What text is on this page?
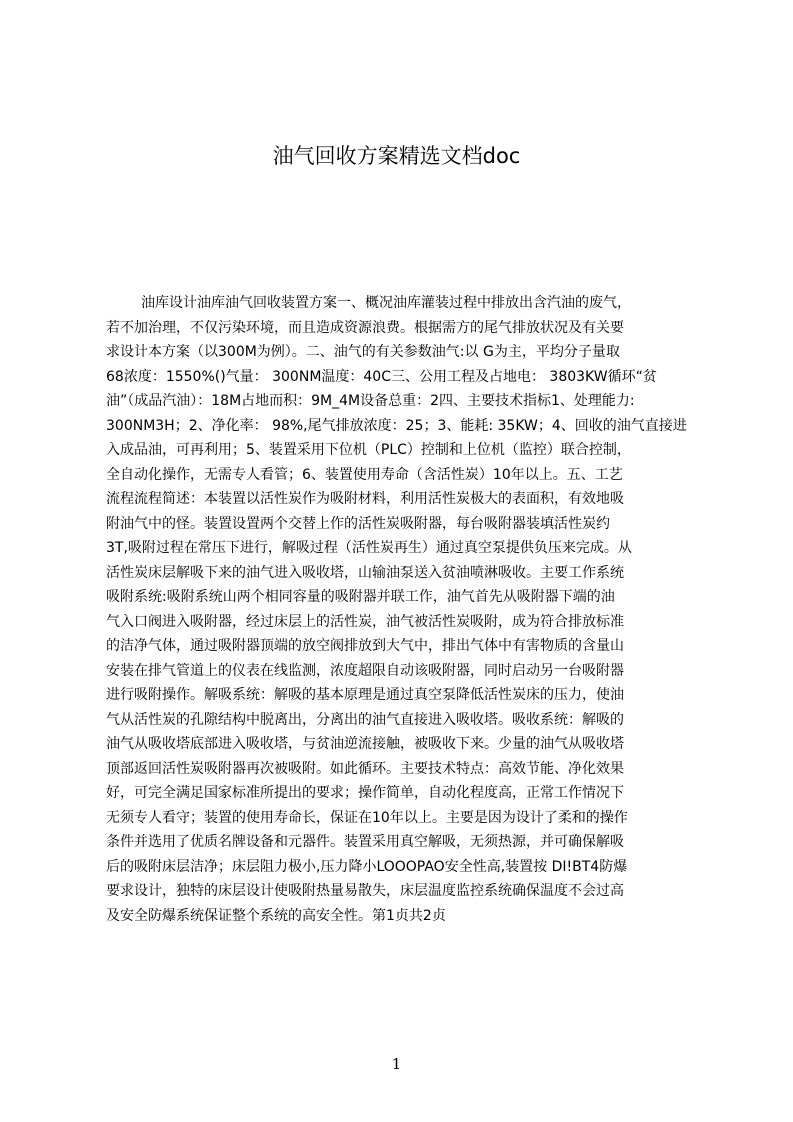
油气回收方案精选文档doc
油库设计油库油气回收装置方案一、概况油库灌装过程中排放出含汽油的废气，
若不加治理，不仅污染环境，而且造成资源浪费。根据需方的尾气排放状况及有关要
求设计本方案（以300M为例）。二、油气的有关参数油气:以 G为主，平均分子量取
68浓度：1550%()气量： 300NM温度：40C三、公用工程及占地电： 3803KW循环“贫
油”（成品汽油）：18M占地而积：9M_4M设备总重：2四、主要技术指标1、处理能力:
300NM3H；2、净化率： 98%,尾气排放浓度：25；3、能耗: 35KW；4、回收的油气直接进
入成品油，可再利用；5、装置采用下位机（PLC）控制和上位机（监控）联合控制，
全自动化操作，无需专人看管；6、装置使用寿命（含活性炭）10年以上。五、工艺
流程流程简述：本装置以活性炭作为吸附材料，利用活性炭极大的表面积，有效地吸
附油气中的怪。装置设置两个交替上作的活性炭吸附器，每台吸附器装填活性炭约
3T,吸附过程在常压下进行，解吸过程（活性炭再生）通过真空泵提供负压来完成。从
活性炭床层解吸下来的油气进入吸收塔，山输油泵送入贫油喷淋吸收。主要工作系统
吸附系统:吸附系统山两个相同容量的吸附器并联工作，油气首先从吸附器下端的油
气入口阀进入吸附器，经过床层上的活性炭，油气被活性炭吸附，成为符合排放标准
的洁净气体，通过吸附器顶端的放空阀排放到大气中，排出气体中有害物质的含量山
安装在排气管道上的仪表在线监测，浓度超限自动该吸附器，同时启动另一台吸附器
进行吸附操作。解吸系统：解吸的基本原理是通过真空泵降低活性炭床的压力，使油
气从活性炭的孔隙结构中脱离出，分离出的油气直接进入吸收塔。吸收系统：解吸的
油气从吸收塔底部进入吸收塔，与贫油逆流接触，被吸收下来。少量的油气从吸收塔
顶部返回活性炭吸附器再次被吸附。如此循环。主要技术特点：高效节能、净化效果
好，可完全满足国家标准所提出的要求；操作简单，自动化程度高，正常工作情况下
无须专人看守；装置的使用寿命长，保证在10年以上。主要是因为设计了柔和的操作
条件并选用了优质名牌设备和元器件。装置采用真空解吸，无须热源，并可确保解吸
后的吸附床层洁净；床层阻力极小,压力降小LOOOPAO安全性高,装置按 DI!BT4防爆
要求设计，独特的床层设计使吸附热量易散失，床层温度监控系统确保温度不会过高
及安全防爆系统保证整个系统的高安全性。第1贞共2贞
1
